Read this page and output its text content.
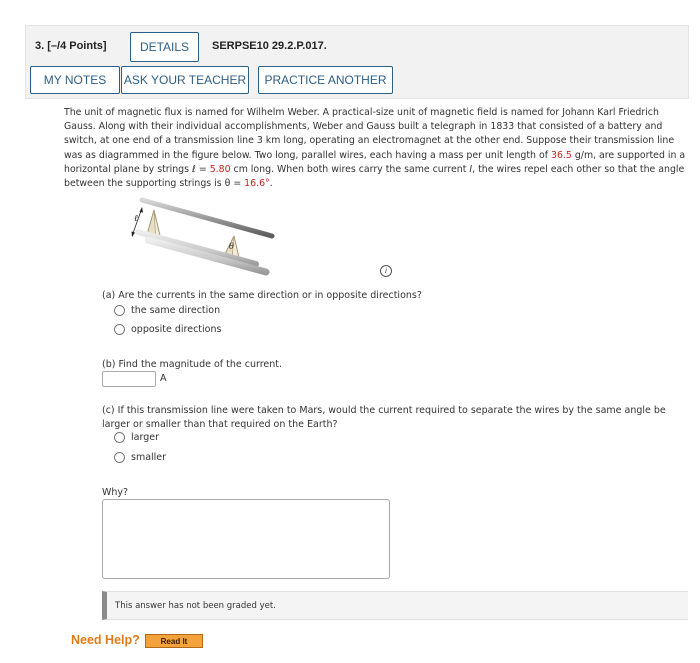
3. [–/4 Points]	DETAILS	SERPSE10 29.2.P.017.
MY NOTES	ASK YOUR TEACHER	PRACTICE ANOTHER
The unit of magnetic flux is named for Wilhelm Weber. A practical-size unit of magnetic field is named for Johann Karl Friedrich Gauss. Along with their individual accomplishments, Weber and Gauss built a telegraph in 1833 that consisted of a battery and switch, at one end of a transmission line 3 km long, operating an electromagnet at the other end. Suppose their transmission line was as diagrammed in the figure below. Two long, parallel wires, each having a mass per unit length of 36.5 g/m, are supported in a horizontal plane by strings ℓ = 5.80 cm long. When both wires carry the same current I, the wires repel each other so that the angle between the supporting strings is θ = 16.6°.
ℓ
θ
i
(a) Are the currents in the same direction or in opposite directions?
the same direction
opposite directions
(b) Find the magnitude of the current.
A
(c) If this transmission line were taken to Mars, would the current required to separate the wires by the same angle be larger or smaller than that required on the Earth?
larger
smaller
Why?
This answer has not been graded yet.
Need Help?	Read It
